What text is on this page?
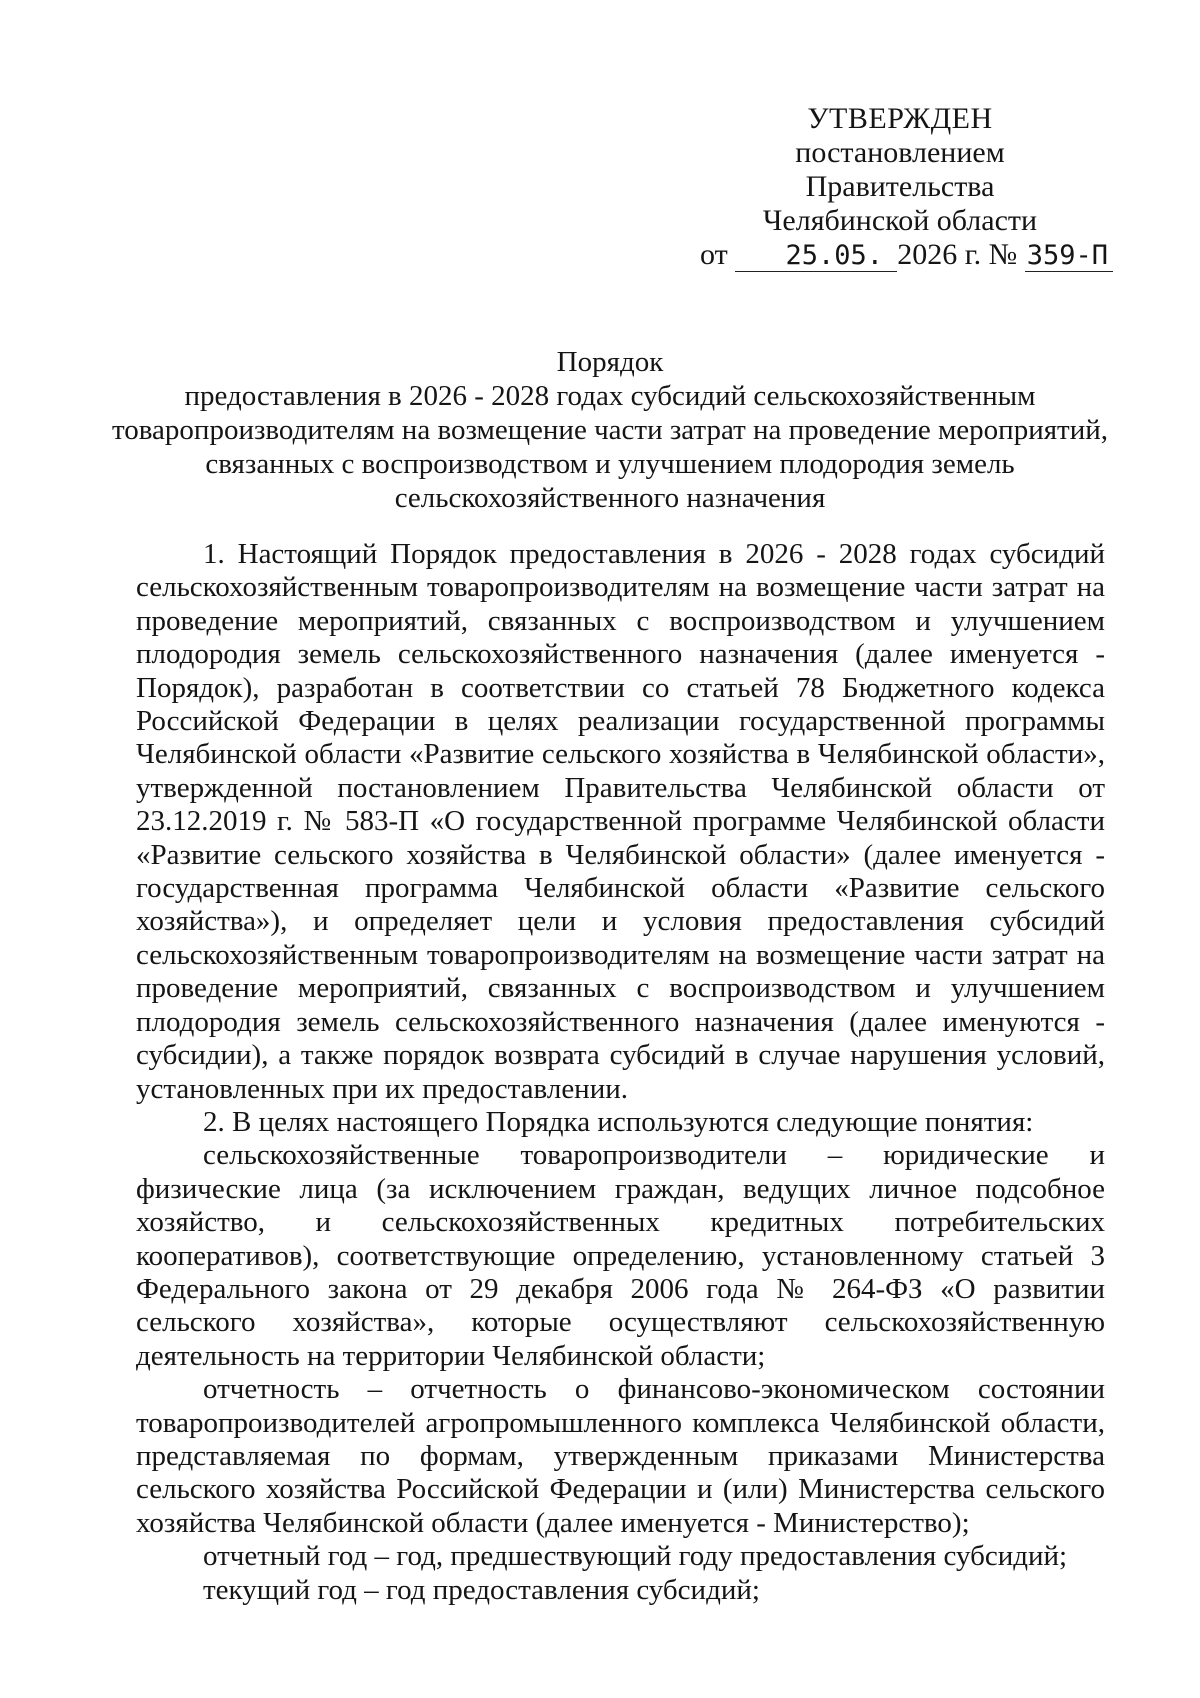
УТВЕРЖДЕН
постановлением Правительства
Челябинской области
от 25.05. 2026 г. № 359-П
Порядок
предоставления в 2026 - 2028 годах субсидий сельскохозяйственным
товаропроизводителям на возмещение части затрат на проведение мероприятий,
связанных с воспроизводством и улучшением плодородия земель
сельскохозяйственного назначения

1. Настоящий Порядок предоставления в 2026 - 2028 годах субсидий сельскохозяйственным товаропроизводителям на возмещение части затрат на проведение мероприятий, связанных с воспроизводством и улучшением плодородия земель сельскохозяйственного назначения (далее именуется - Порядок), разработан в соответствии со статьей 78 Бюджетного кодекса Российской Федерации в целях реализации государственной программы Челябинской области «Развитие сельского хозяйства в Челябинской области», утвержденной постановлением Правительства Челябинской области от 23.12.2019 г. № 583-П «О государственной программе Челябинской области «Развитие сельского хозяйства в Челябинской области» (далее именуется - государственная программа Челябинской области «Развитие сельского хозяйства»), и определяет цели и условия предоставления субсидий сельскохозяйственным товаропроизводителям на возмещение части затрат на проведение мероприятий, связанных с воспроизводством и улучшением плодородия земель сельскохозяйственного назначения (далее именуются - субсидии), а также порядок возврата субсидий в случае нарушения условий, установленных при их предоставлении.

2. В целях настоящего Порядка используются следующие понятия:

сельскохозяйственные товаропроизводители – юридические и физические лица (за исключением граждан, ведущих личное подсобное хозяйство, и сельскохозяйственных кредитных потребительских кооперативов), соответствующие определению, установленному статьей 3 Федерального закона от 29 декабря 2006 года № 264-ФЗ «О развитии сельского хозяйства», которые осуществляют сельскохозяйственную деятельность на территории Челябинской области;

отчетность – отчетность о финансово-экономическом состоянии товаропроизводителей агропромышленного комплекса Челябинской области, представляемая по формам, утвержденным приказами Министерства сельского хозяйства Российской Федерации и (или) Министерства сельского хозяйства Челябинской области (далее именуется - Министерство);

отчетный год – год, предшествующий году предоставления субсидий;

текущий год – год предоставления субсидий;
